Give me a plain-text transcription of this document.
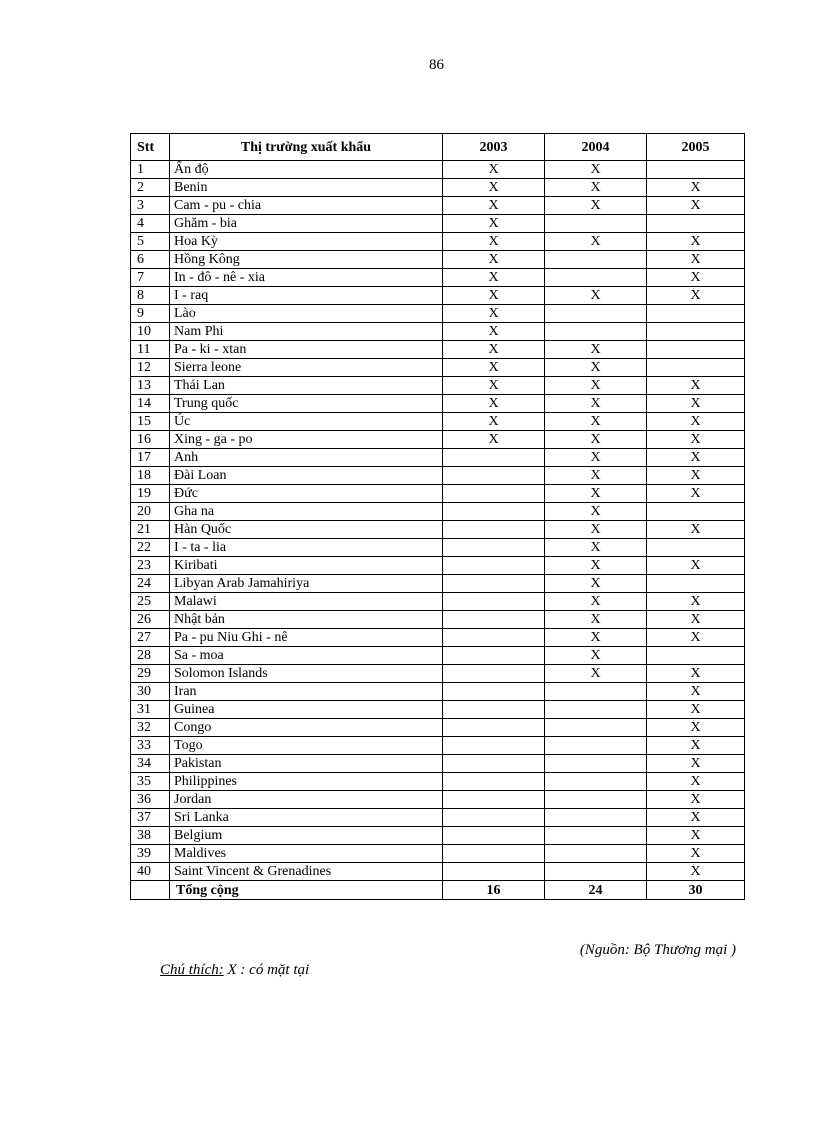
86
Stt	Thị trường xuất khẩu	2003	2004	2005
1	Ấn độ	X	X	
2	Benin	X	X	X
3	Cam - pu - chia	X	X	X
4	Ghăm - bia	X		
5	Hoa Kỳ	X	X	X
6	Hồng Kông	X		X
7	In - đô - nê - xia	X		X
8	I - raq	X	X	X
9	Lào	X		
10	Nam Phi	X		
11	Pa - ki - xtan	X	X	
12	Sierra leone	X	X	
13	Thái Lan	X	X	X
14	Trung quốc	X	X	X
15	Úc	X	X	X
16	Xing - ga - po	X	X	X
17	Anh		X	X
18	Đài Loan		X	X
19	Đức		X	X
20	Gha na		X	
21	Hàn Quốc		X	X
22	I - ta - lia		X	
23	Kiribati		X	X
24	Libyan Arab Jamahiriya		X	
25	Malawi		X	X
26	Nhật bản		X	X
27	Pa - pu Niu Ghi - nê		X	X
28	Sa - moa		X	
29	Solomon Islands		X	X
30	Iran			X
31	Guinea			X
32	Congo			X
33	Togo			X
34	Pakistan			X
35	Philippines			X
36	Jordan			X
37	Sri Lanka			X
38	Belgium			X
39	Maldives			X
40	Saint Vincent & Grenadines			X
	Tổng cộng	16	24	30
(Nguồn: Bộ Thương mại )
Chú thích: X : có mặt tại
